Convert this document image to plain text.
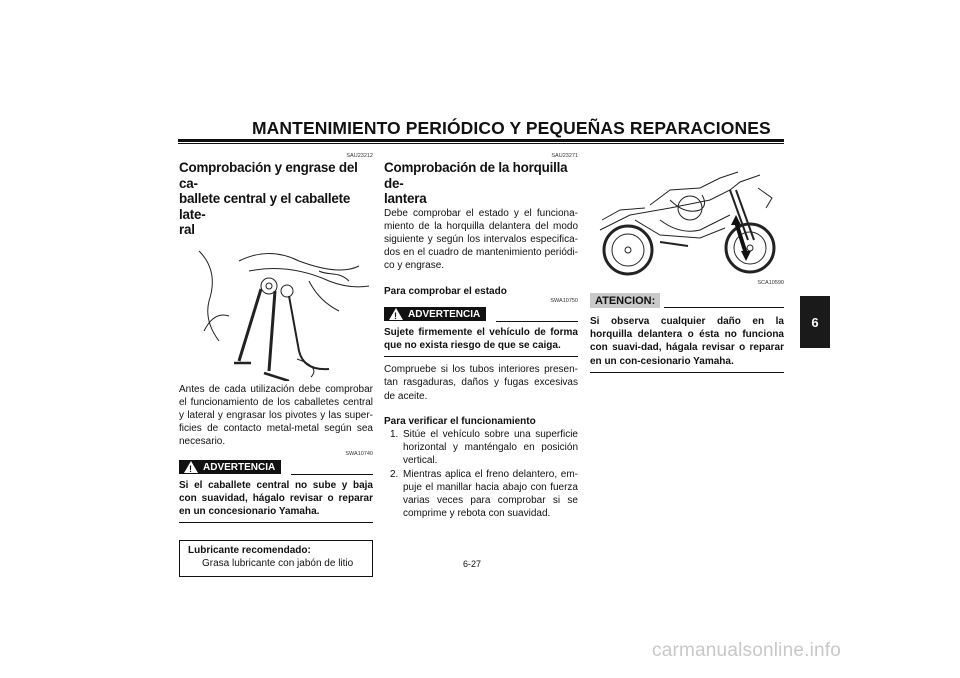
MANTENIMIENTO PERIÓDICO Y PEQUEÑAS REPARACIONES
6
SAU23212
Comprobación y engrase del ca-
ballete central y el caballete late-
ral
Antes de cada utilización debe comprobar el funcionamiento de los caballetes central y lateral y engrasar los pivotes y las super-ficies de contacto metal-metal según sea necesario.
SWA10740
!
ADVERTENCIA
Si el caballete central no sube y baja con suavidad, hágalo revisar o reparar en un concesionario Yamaha.
Lubricante recomendado:
Grasa lubricante con jabón de litio
SAU23271
Comprobación de la horquilla de-
lantera
Debe comprobar el estado y el funciona-miento de la horquilla delantera del modo siguiente y según los intervalos especifica-dos en el cuadro de mantenimiento periódi-co y engrase.
Para comprobar el estado
SWA10750
!
ADVERTENCIA
Sujete firmemente el vehículo de forma que no exista riesgo de que se caiga.
Compruebe si los tubos interiores presen-tan rasgaduras, daños y fugas excesivas de aceite.
Para verificar el funcionamiento
1. Sitúe el vehículo sobre una superficie horizontal y manténgalo en posición vertical.
2. Mientras aplica el freno delantero, em-puje el manillar hacia abajo con fuerza varias veces para comprobar si se comprime y rebota con suavidad.
SCA10590
ATENCION:
Si observa cualquier daño en la horquilla delantera o ésta no funciona con suavi-dad, hágala revisar o reparar en un con-cesionario Yamaha.
6-27
carmanualsonline.info
